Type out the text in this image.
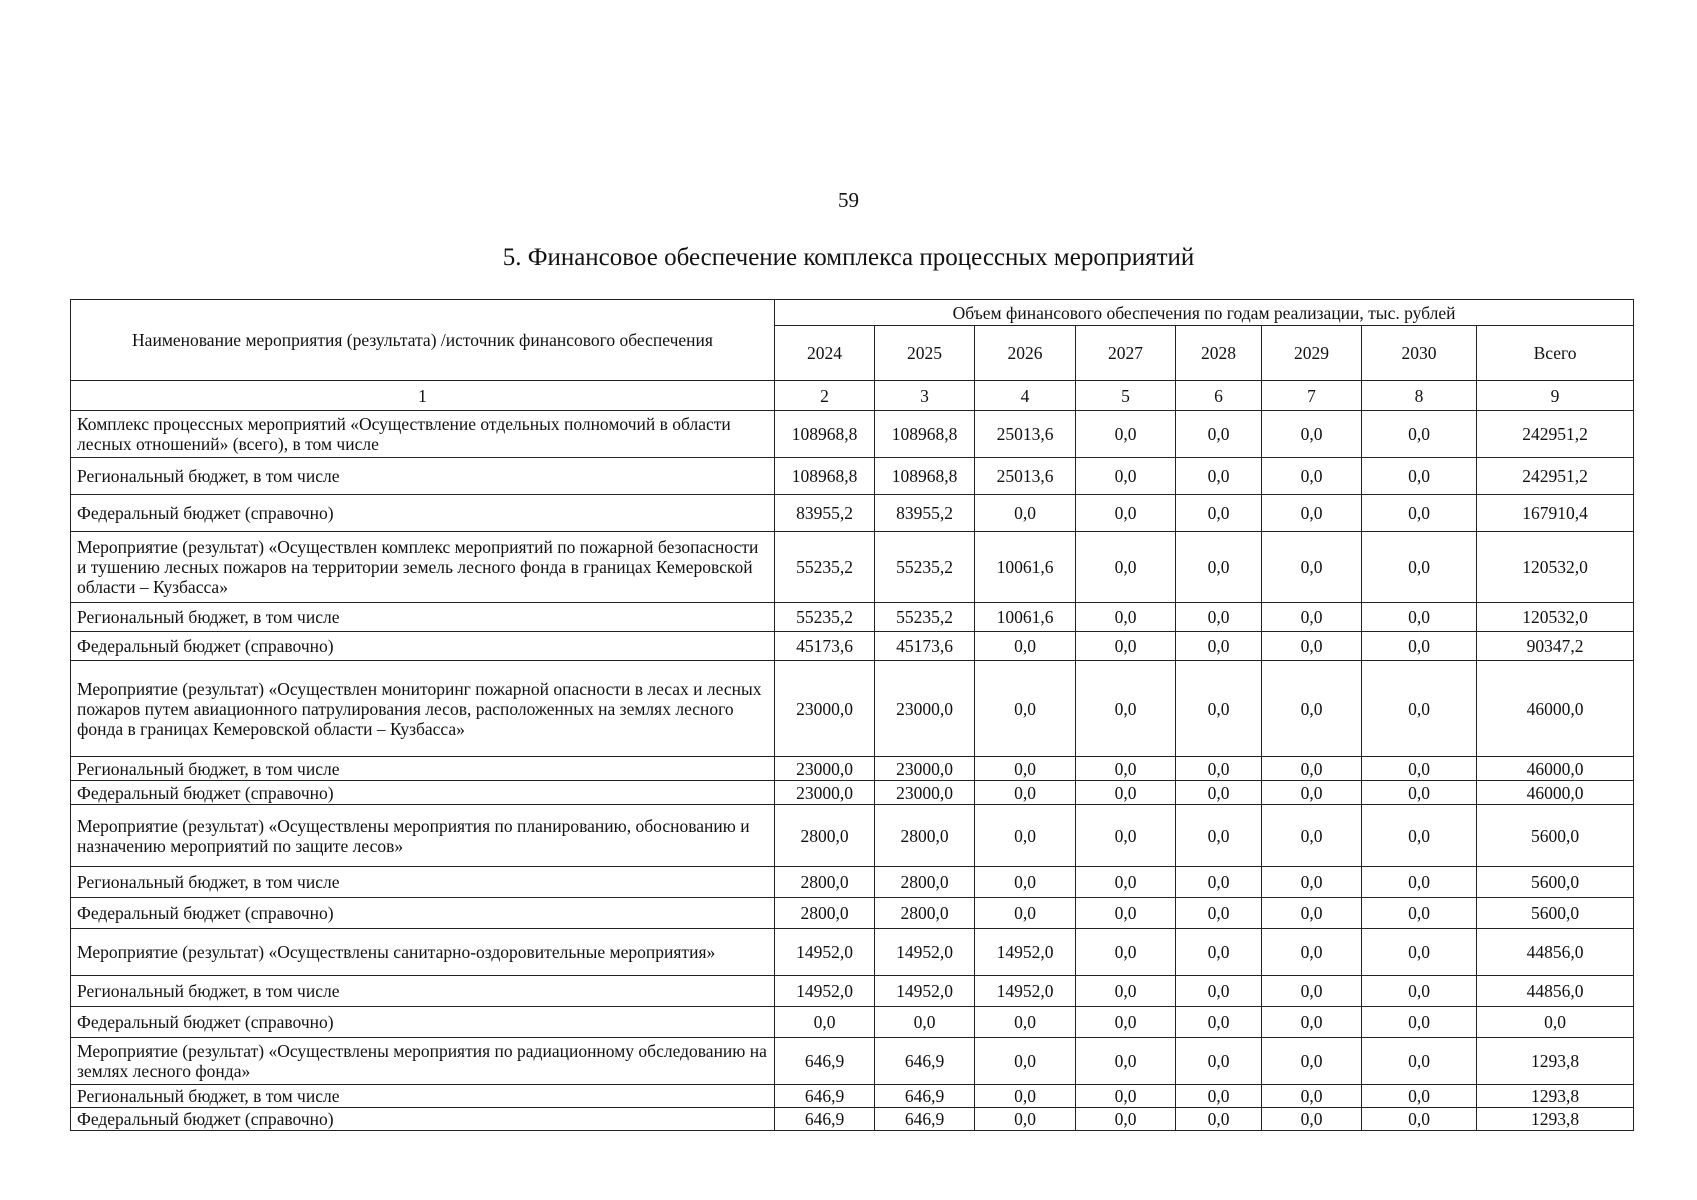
59
5. Финансовое обеспечение комплекса процессных мероприятий
Наименование мероприятия (результата) /источник финансового обеспечения	Объем финансового обеспечения по годам реализации, тыс. рублей							
	2024	2025	2026	2027	2028	2029	2030	Всего
1	2	3	4	5	6	7	8	9
Комплекс процессных мероприятий «Осуществление отдельных полномочий в области лесных отношений» (всего), в том числе	108968,8	108968,8	25013,6	0,0	0,0	0,0	0,0	242951,2
Региональный бюджет, в том числе	108968,8	108968,8	25013,6	0,0	0,0	0,0	0,0	242951,2
Федеральный бюджет (справочно)	83955,2	83955,2	0,0	0,0	0,0	0,0	0,0	167910,4
Мероприятие (результат) «Осуществлен комплекс мероприятий по пожарной безопасности и тушению лесных пожаров на территории земель лесного фонда в границах Кемеровской области – Кузбасса»	55235,2	55235,2	10061,6	0,0	0,0	0,0	0,0	120532,0
Региональный бюджет, в том числе	55235,2	55235,2	10061,6	0,0	0,0	0,0	0,0	120532,0
Федеральный бюджет (справочно)	45173,6	45173,6	0,0	0,0	0,0	0,0	0,0	90347,2
Мероприятие (результат) «Осуществлен мониторинг пожарной опасности в лесах и лесных пожаров путем авиационного патрулирования лесов, расположенных на землях лесного фонда в границах Кемеровской области – Кузбасса»	23000,0	23000,0	0,0	0,0	0,0	0,0	0,0	46000,0
Региональный бюджет, в том числе	23000,0	23000,0	0,0	0,0	0,0	0,0	0,0	46000,0
Федеральный бюджет (справочно)	23000,0	23000,0	0,0	0,0	0,0	0,0	0,0	46000,0
Мероприятие (результат) «Осуществлены мероприятия по планированию, обоснованию и назначению мероприятий по защите лесов»	2800,0	2800,0	0,0	0,0	0,0	0,0	0,0	5600,0
Региональный бюджет, в том числе	2800,0	2800,0	0,0	0,0	0,0	0,0	0,0	5600,0
Федеральный бюджет (справочно)	2800,0	2800,0	0,0	0,0	0,0	0,0	0,0	5600,0
Мероприятие (результат) «Осуществлены санитарно-оздоровительные мероприятия»	14952,0	14952,0	14952,0	0,0	0,0	0,0	0,0	44856,0
Региональный бюджет, в том числе	14952,0	14952,0	14952,0	0,0	0,0	0,0	0,0	44856,0
Федеральный бюджет (справочно)	0,0	0,0	0,0	0,0	0,0	0,0	0,0	0,0
Мероприятие (результат) «Осуществлены мероприятия по радиационному обследованию на землях лесного фонда»	646,9	646,9	0,0	0,0	0,0	0,0	0,0	1293,8
Региональный бюджет, в том числе	646,9	646,9	0,0	0,0	0,0	0,0	0,0	1293,8
Федеральный бюджет (справочно)	646,9	646,9	0,0	0,0	0,0	0,0	0,0	1293,8
